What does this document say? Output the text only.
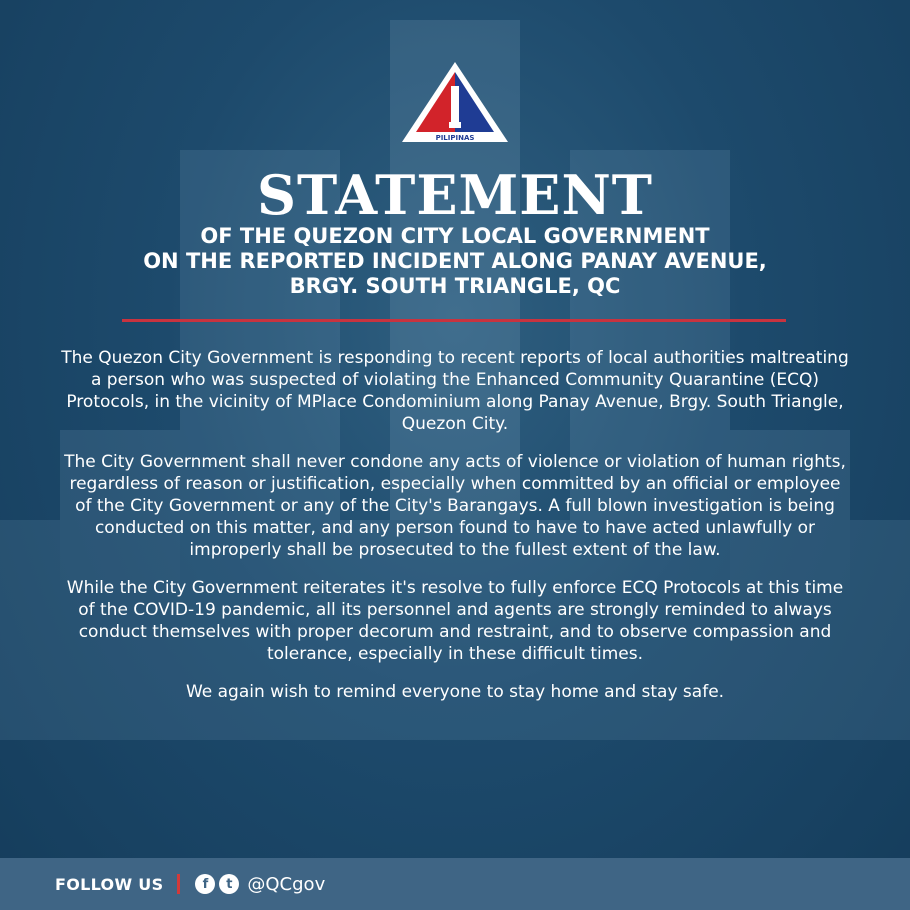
PILIPINAS
STATEMENT
OF THE QUEZON CITY LOCAL GOVERNMENT
ON THE REPORTED INCIDENT ALONG PANAY AVENUE,
BRGY. SOUTH TRIANGLE, QC

The Quezon City Government is responding to recent reports of local authorities maltreating a person who was suspected of violating the Enhanced Community Quarantine (ECQ) Protocols, in the vicinity of MPlace Condominium along Panay Avenue, Brgy. South Triangle, Quezon City.

The City Government shall never condone any acts of violence or violation of human rights, regardless of reason or justification, especially when committed by an official or employee of the City Government or any of the City's Barangays. A full blown investigation is being conducted on this matter, and any person found to have to have acted unlawfully or improperly shall be prosecuted to the fullest extent of the law.

While the City Government reiterates it's resolve to fully enforce ECQ Protocols at this time of the COVID-19 pandemic, all its personnel and agents are strongly reminded to always conduct themselves with proper decorum and restraint, and to observe compassion and tolerance, especially in these difficult times.

We again wish to remind everyone to stay home and stay safe.

FOLLOW US	f	t @QCgov
